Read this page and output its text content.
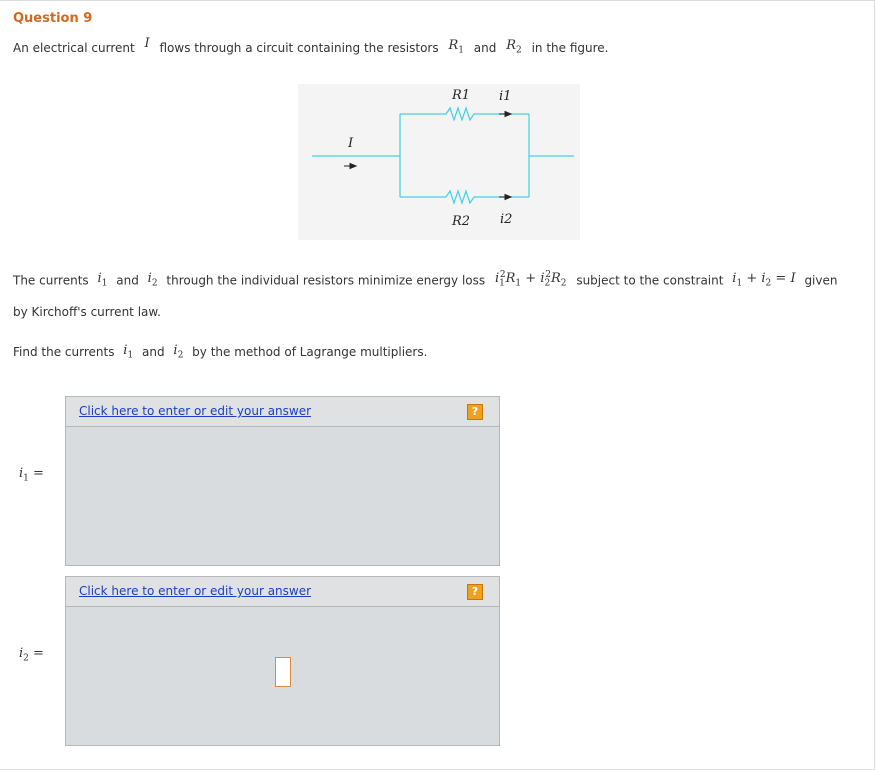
Question 9
An electrical current I flows through a circuit containing the resistors $R_1$ and $R_2$ in the figure.
I
R1 i1
R2 i2
The currents $i_1$ and $i_2$ through the individual resistors minimize energy loss $i_1^2R_1 + i_2^2R_2$ subject to the constraint $i_1 + i_2 = I$ given
by Kirchoff's current law.
Find the currents $i_1$ and $i_2$ by the method of Lagrange multipliers.
$i_1$ =
Click here to enter or edit your answer	?
$i_2$ =
Click here to enter or edit your answer	?
